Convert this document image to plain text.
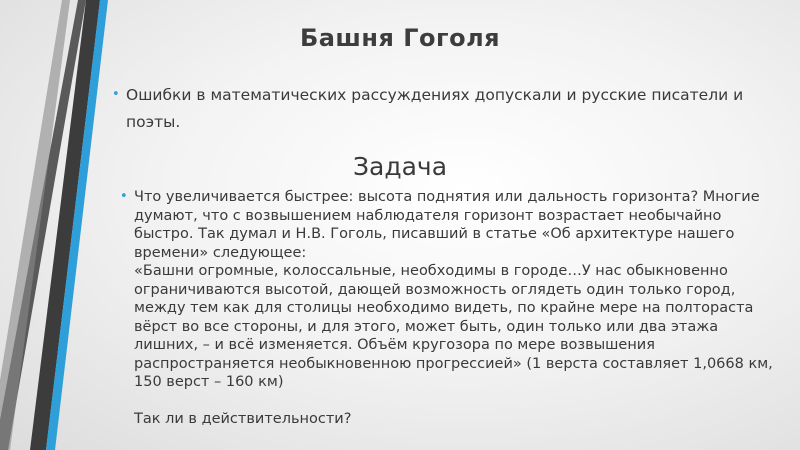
Башня Гоголя
• Ошибки в математических рассуждениях допускали и русские писатели и поэты.
Задача
• Что увеличивается быстрее: высота поднятия или дальность горизонта? Многие думают, что с возвышением наблюдателя горизонт возрастает необычайно быстро. Так думал и Н.В. Гоголь, писавший в статье «Об архитектуре нашего времени» следующее:

«Башни огромные, колоссальные, необходимы в городе…У нас обыкновенно ограничиваются высотой, дающей возможность оглядеть один только город, между тем как для столицы необходимо видеть, по крайне мере на полтораста вёрст во все стороны, и для этого, может быть, один только или два этажа лишних, – и всё изменяется. Объём кругозора по мере возвышения распространяется необыкновенною прогрессией» (1 верста составляет 1,0668 км, 150 верст – 160 км)

Так ли в действительности?
